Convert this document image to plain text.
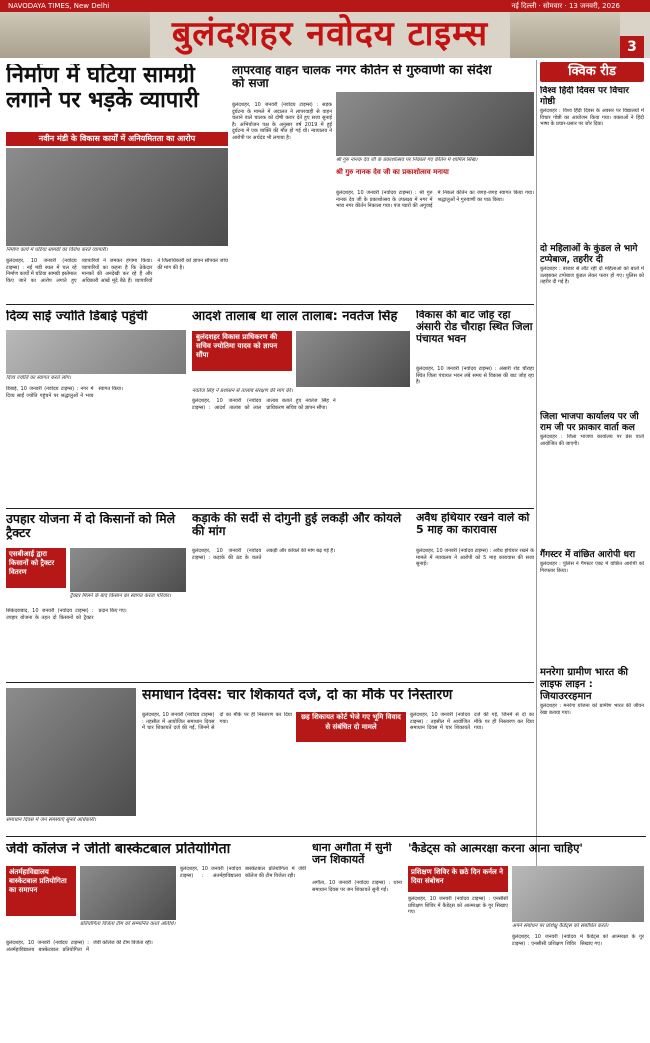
NAVODAYA TIMES, New Delhi	नई दिल्ली · सोमवार · 13 जनवरी, 2026
बुलंदशहर नवोदय टाइम्स	3
निर्माण में घटिया सामग्री लगाने पर भड़के व्यापारी
नवीन मंडी के विकास कार्यों में अनियमितता का आरोप
निर्माण कार्य में घटिया सामग्री का विरोध करते व्यापारी।
बुलंदशहर, 10 जनवरी (नवोदय टाइम्स) : नई मंडी स्थल में चल रहे निर्माण कार्यों में घटिया सामग्री इस्तेमाल किए जाने का आरोप लगाते हुए व्यापारियों ने जमकर हंगामा किया। व्यापारियों का कहना है कि ठेकेदार मानकों की अनदेखी कर रहे हैं और अधिकारी आंखें मूंदे बैठे हैं। व्यापारियों ने जिलाधिकारी को ज्ञापन सौंपकर जांच की मांग की है।
लापरवाह वाहन चालक को सजा
बुलंदशहर, 10 जनवरी (नवोदय टाइम्स) : सड़क दुर्घटना के मामले में अदालत ने लापरवाही से वाहन चलाने वाले चालक को दोषी करार देते हुए सजा सुनाई है। अभियोजन पक्ष के अनुसार वर्ष 2019 में हुई दुर्घटना में एक व्यक्ति की मौत हो गई थी। न्यायालय ने आरोपी पर अर्थदंड भी लगाया है।
नगर कीर्तन से गुरुवाणी का संदेश
श्री गुरु नानक देव जी के प्रकाशोत्सव पर निकाले गए कीर्तन में शामिल सिख।
श्री गुरु नानक देव जी का प्रकाशोत्सव मनाया
बुलंदशहर, 10 जनवरी (नवोदय टाइम्स) : श्री गुरु नानक देव जी के प्रकाशोत्सव के उपलक्ष्य में नगर में भव्य नगर कीर्तन निकाला गया। पंज प्यारों की अगुवाई में निकले कीर्तन का जगह-जगह स्वागत किया गया। श्रद्धालुओं ने गुरुवाणी का पाठ किया।
क्विक रीड
विश्व हिंदी दिवस पर विचार गोष्ठी
बुलंदशहर : विश्व हिंदी दिवस के अवसर पर विद्यालयों में विचार गोष्ठी का आयोजन किया गया। वक्ताओं ने हिंदी भाषा के प्रचार-प्रसार पर जोर दिया।
दो महिलाओं के कुंडल ले भागे टप्पेबाज, तहरीर दी
बुलंदशहर : बाजार से लौट रही दो महिलाओं को बातों में उलझाकर टप्पेबाज कुंडल लेकर फरार हो गए। पुलिस को तहरीर दी गई है।
जिला भाजपा कार्यालय पर जी राम जी पर फ्राकार वार्ता कल
बुलंदशहर : जिला भाजपा कार्यालय पर प्रेस वार्ता आयोजित की जाएगी।
गैंगस्टर में वांछित आरोपी धरा
बुलंदशहर : पुलिस ने गैंगस्टर एक्ट में वांछित आरोपी को गिरफ्तार किया।
मनरेगा ग्रामीण भारत की लाइफ लाइन : जियाउररहमान
बुलंदशहर : मनरेगा योजना को ग्रामीण भारत की जीवन रेखा बताया गया।
दिव्य साईं ज्योति डिबाई पहुंची
दिव्य ज्योति का स्वागत करते लोग।
डिबाई, 10 जनवरी (नवोदय टाइम्स) : नगर में दिव्य साईं ज्योति पहुंचने पर श्रद्धालुओं ने भव्य स्वागत किया।
आदर्श तालाब था लाल तालाब: नवतेज सिंह
बुलंदशहर विकास प्राधिकरण की सचिव ज्योतिमा यादव को ज्ञापन सौंपा
नवतेज सिंह ने प्रशासन से तालाब संरक्षण की मांग की।
बुलंदशहर, 10 जनवरी (नवोदय टाइम्स) : आदर्श तालाब को लाल तालाब बताते हुए नवतेज सिंह ने प्राधिकरण सचिव को ज्ञापन सौंपा।
विकास की बाट जोह रहा अंसारी रोड चौराहा स्थित जिला पंचायत भवन
बुलंदशहर, 10 जनवरी (नवोदय टाइम्स) : अंसारी रोड चौराहा स्थित जिला पंचायत भवन लंबे समय से विकास की बाट जोह रहा है।
उपहार योजना में दो किसानों को मिले ट्रैक्टर
एसबीआई द्वारा किसानों को ट्रैक्टर वितरण
ट्रैक्टर मिलने के बाद किसान का स्वागत करता परिवार।
सिकंदराबाद, 10 जनवरी (नवोदय टाइम्स) : उपहार योजना के तहत दो किसानों को ट्रैक्टर प्रदान किए गए।
कड़ाके की सर्दी से दोगुनी हुई लकड़ी और कोयले की मांग
बुलंदशहर, 10 जनवरी (नवोदय टाइम्स) : कड़ाके की ठंड के चलते लकड़ी और कोयले की मांग बढ़ गई है।
अवैध हथियार रखने वाले को 5 माह का कारावास
बुलंदशहर, 10 जनवरी (नवोदय टाइम्स) : अवैध हथियार रखने के मामले में न्यायालय ने आरोपी को 5 माह कारावास की सजा सुनाई।
समाधान दिवस में जन समस्याएं सुनते अधिकारी।
समाधान दिवस: चार शिकायतें दर्ज, दो का मौके पर निस्तारण
छह शिकायत कोर्ट भेजे गए भूमि विवाद से संबंधित दो मामले
बुलंदशहर, 10 जनवरी (नवोदय टाइम्स) : तहसील में आयोजित समाधान दिवस में चार शिकायतें दर्ज की गईं, जिनमें से दो का मौके पर ही निस्तारण कर दिया गया।
बुलंदशहर, 10 जनवरी (नवोदय टाइम्स) : तहसील में आयोजित समाधान दिवस में चार शिकायतें दर्ज की गईं, जिनमें से दो का मौके पर ही निस्तारण कर दिया गया।
जेवी कॉलेज ने जीती बास्केटबाल प्रतियोगिता
अंतर्महाविद्यालय बास्केटबाल प्रतियोगिता का समापन
प्रतियोगिता विजेता टीम को सम्मानित करते अतिथि।
बुलंदशहर, 10 जनवरी (नवोदय टाइम्स) : अंतर्महाविद्यालय बास्केटबाल प्रतियोगिता में जेवी कॉलेज की टीम विजेता रही।
बुलंदशहर, 10 जनवरी (नवोदय टाइम्स) : अंतर्महाविद्यालय बास्केटबाल प्रतियोगिता में जेवी कॉलेज की टीम विजेता रही।
धाना अगौता में सुनी जन शिकायतें
अगौता, 10 जनवरी (नवोदय टाइम्स) : थाना समाधान दिवस पर जन शिकायतें सुनी गईं।
'कैडेट्स को आत्मरक्षा करना आना चाहिए'
प्रशिक्षण शिविर के छठे दिन कर्नल ने दिया संबोधन
अपने संबोधन पर प्रशिक्षु कैडेट्स को संबोधित करते।
बुलंदशहर, 10 जनवरी (नवोदय टाइम्स) : एनसीसी प्रशिक्षण शिविर में कैडेट्स को आत्मरक्षा के गुर सिखाए गए।
बुलंदशहर, 10 जनवरी (नवोदय टाइम्स) : एनसीसी प्रशिक्षण शिविर में कैडेट्स को आत्मरक्षा के गुर सिखाए गए।
